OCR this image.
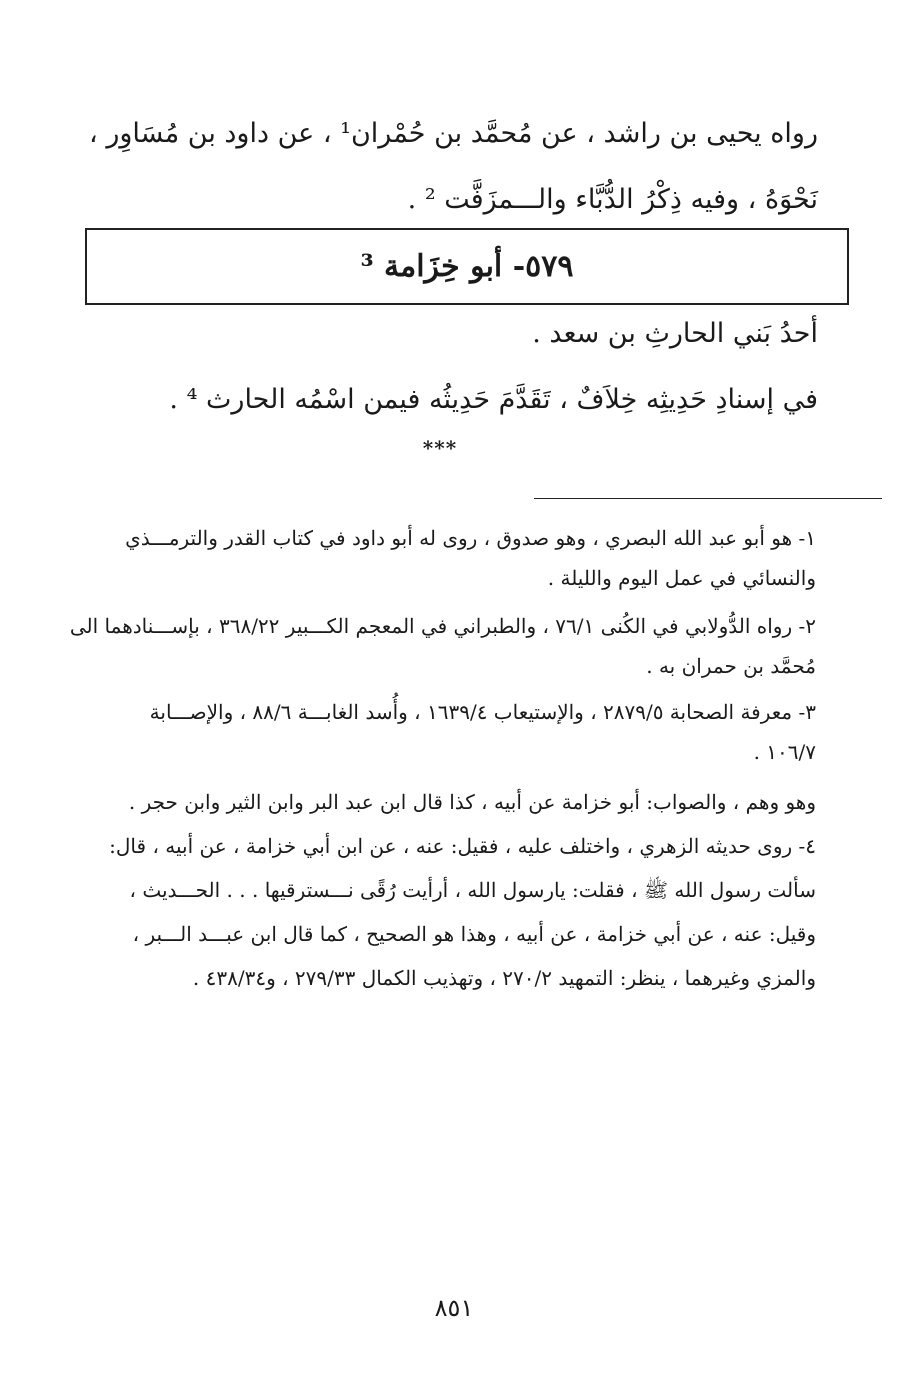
رواه يحيى بن راشد ، عن مُحمَّد بن حُمْران¹ ، عن داود بن مُسَاوِر ،
نَحْوَهُ ، وفيه ذِكْرُ الدُّبَّاء والـــمزَفَّت ² .
٥٧٩- أبو خِزَامة ³
أحدُ بَني الحارثِ بن سعد .
في إسنادِ حَدِيثِه خِلاَفٌ ، تَقَدَّمَ حَدِيثُه فيمن اسْمُه الحارث ⁴ .
***
١- هو أبو عبد الله البصري ، وهو صدوق ، روى له أبو داود في كتاب القدر والترمـــذي
والنسائي في عمل اليوم والليلة .
٢- رواه الدُّولابي في الكُنى ٧٦/١ ، والطبراني في المعجم الكـــبير ٣٦٨/٢٢ ، بإســـنادهما الى
مُحمَّد بن حمران به .
٣- معرفة الصحابة ٢٨٧٩/٥ ، والإستيعاب ١٦٣٩/٤ ، وأُسد الغابـــة ٨٨/٦ ، والإصـــابة
١٠٦/٧ .
وهو وهم ، والصواب: أبو خزامة عن أبيه ، كذا قال ابن عبد البر وابن الثير وابن حجر .
٤- روى حديثه الزهري ، واختلف عليه ، فقيل: عنه ، عن ابن أبي خزامة ، عن أبيه ، قال:
سألت رسول الله ﷺ ، فقلت: يارسول الله ، أرأيت رُقًى نـــسترقيها . . . الحـــديث ،
وقيل: عنه ، عن أبي خزامة ، عن أبيه ، وهذا هو الصحيح ، كما قال ابن عبـــد الـــبر ،
والمزي وغيرهما ، ينظر: التمهيد ٢٧٠/٢ ، وتهذيب الكمال ٢٧٩/٣٣ ، و٤٣٨/٣٤ .
٨٥١
